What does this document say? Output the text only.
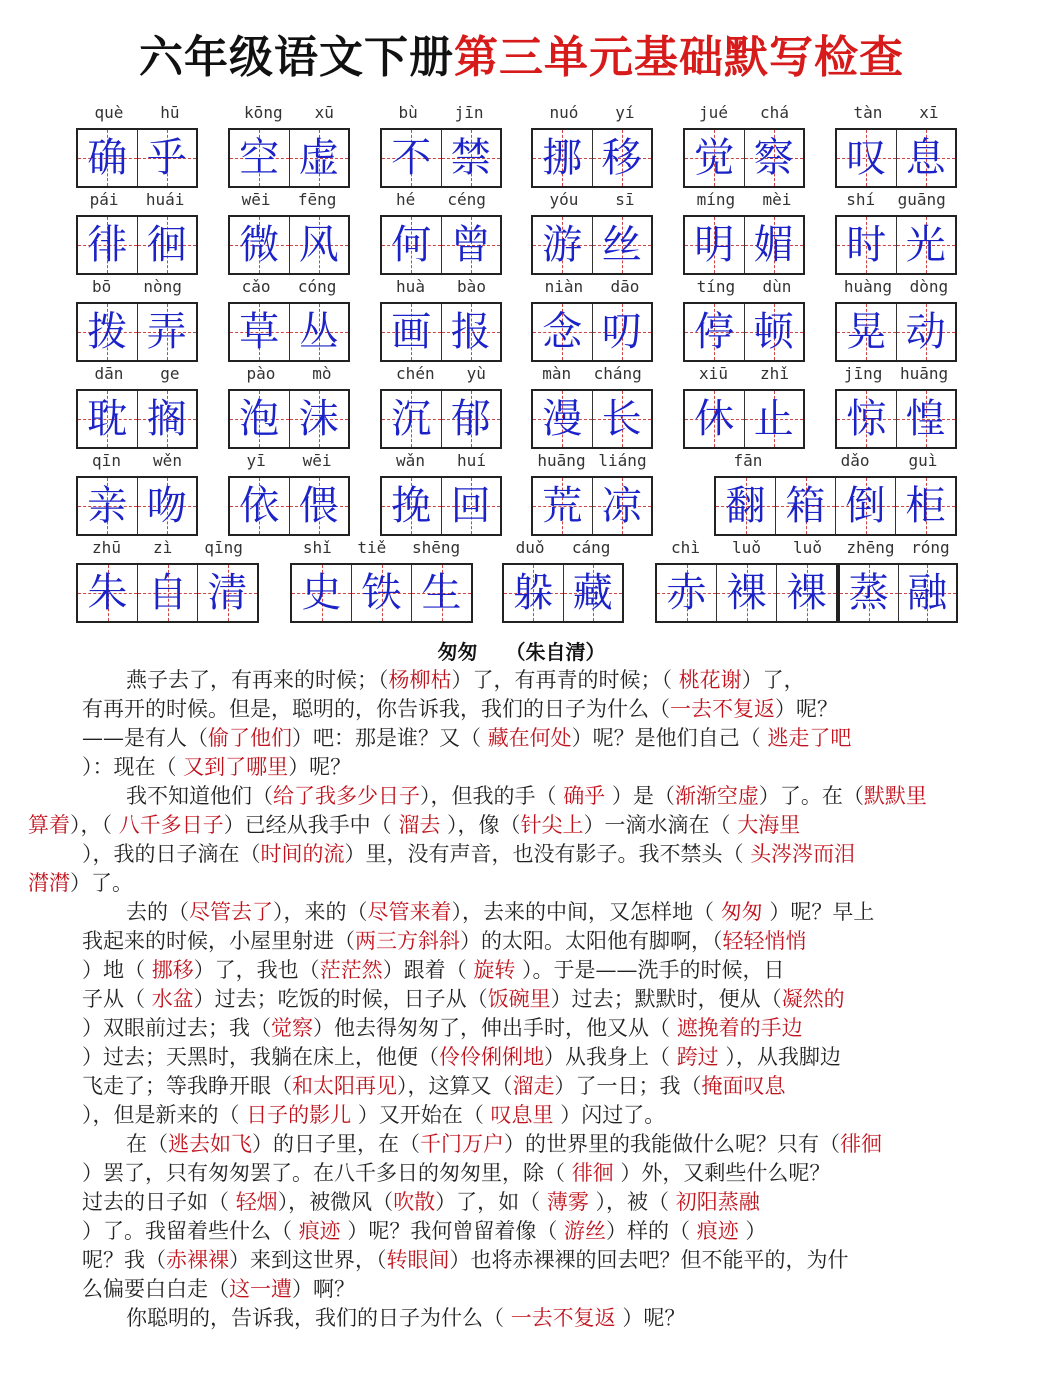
六年级语文下册第三单元基础默写检查
què hū
确 乎
kōng xū
空 虚
bù jīn
不 禁
nuó yí
挪 移
jué chá
觉 察
tàn xī
叹 息
pái huái
徘 徊
wēi fēng
微 风
hé céng
何 曾
yóu sī
游 丝
míng mèi
明 媚
shí guāng
时 光
bō nòng
拨 弄
cǎo cóng
草 丛
huà bào
画 报
niàn dāo
念 叨
tíng dùn
停 顿
huàng dòng
晃 动
dān ge
耽 搁
pào mò
泡 沫
chén yù
沉 郁
màn cháng
漫 长
xiū zhǐ
休 止
jīng huāng
惊 惶
qīn wěn
亲 吻
yī wēi
依 偎
wǎn huí
挽 回
huāng liáng
荒 凉
fān	dǎo guì
翻 箱 倒 柜
zhū zì qīng
朱 自 清
shǐ tiě shēng
史 铁 生
duǒ cáng
躲 藏
chì luǒ luǒ
赤 裸 裸
zhēng róng
蒸 融
匆匆 （朱自清）
燕子去了，有再来的时候；（杨柳枯）了，有再青的时候；（ 桃花谢）了，
有再开的时候。但是，聪明的，你告诉我，我们的日子为什么（一去不复返）呢？
——是有人（偷了他们）吧：那是谁？又（ 藏在何处）呢？是他们自己（ 逃走了吧
）：现在（ 又到了哪里）呢？
我不知道他们（给了我多少日子），但我的手（ 确乎 ）是（渐渐空虚）了。在（默默里
算着），（ 八千多日子）已经从我手中（ 溜去 ），像（针尖上）一滴水滴在（ 大海里
），我的日子滴在（时间的流）里，没有声音，也没有影子。我不禁头（ 头涔涔而泪
潸潸）了。
去的（尽管去了），来的（尽管来着），去来的中间，又怎样地（ 匆匆 ）呢？早上
我起来的时候，小屋里射进（两三方斜斜）的太阳。太阳他有脚啊，（轻轻悄悄
）地（ 挪移）了，我也（茫茫然）跟着（ 旋转 ）。于是——洗手的时候，日
子从（ 水盆）过去；吃饭的时候，日子从（饭碗里）过去；默默时，便从（凝然的
）双眼前过去；我（觉察）他去得匆匆了，伸出手时，他又从（ 遮挽着的手边
）过去；天黑时，我躺在床上，他便（伶伶俐俐地）从我身上（ 跨过 ），从我脚边
飞走了；等我睁开眼（和太阳再见），这算又（溜走）了一日；我（掩面叹息
），但是新来的（ 日子的影儿 ）又开始在（ 叹息里 ）闪过了。
在（逃去如飞）的日子里，在（千门万户）的世界里的我能做什么呢？只有（徘徊
）罢了，只有匆匆罢了。在八千多日的匆匆里，除（ 徘徊 ）外，又剩些什么呢？
过去的日子如（ 轻烟），被微风（吹散）了，如（ 薄雾 ），被（ 初阳蒸融
）了。我留着些什么（ 痕迹 ）呢？我何曾留着像（ 游丝）样的（ 痕迹 ）
呢？我（赤裸裸）来到这世界，（转眼间）也将赤裸裸的回去吧？但不能平的，为什
么偏要白白走（这一遭）啊？
你聪明的，告诉我，我们的日子为什么（ 一去不复返 ）呢？
